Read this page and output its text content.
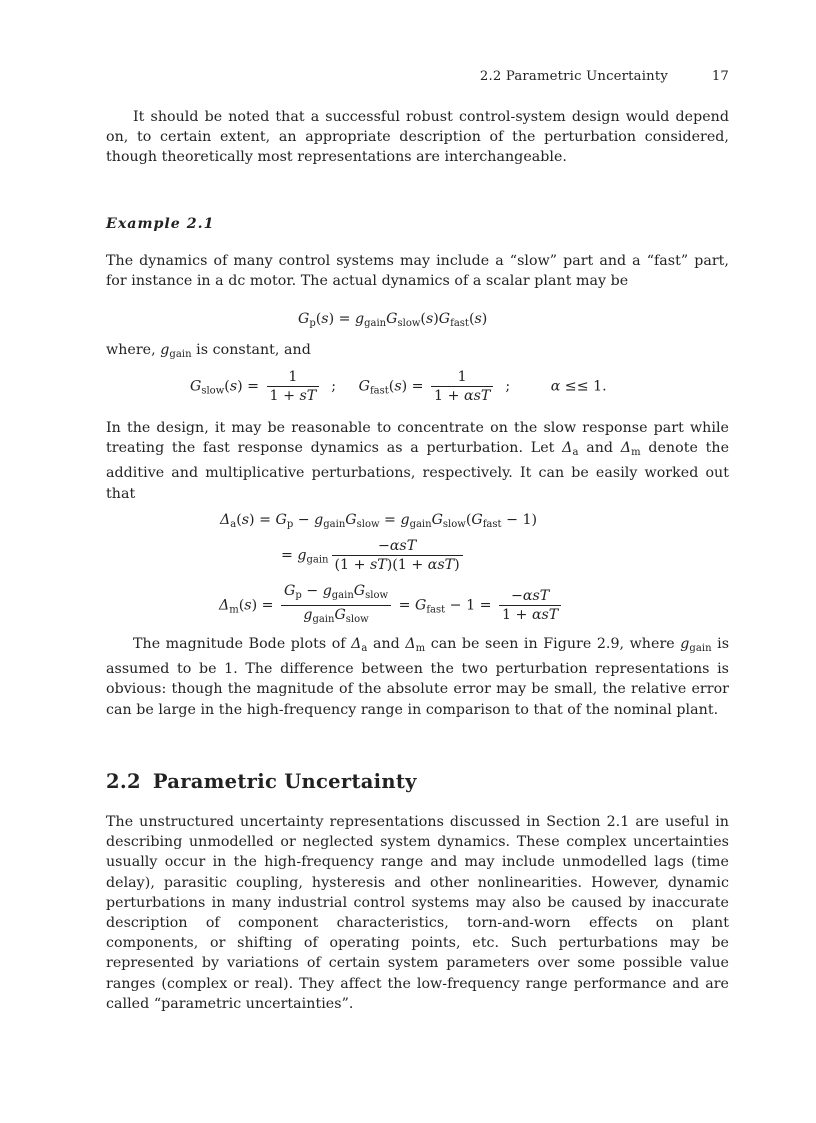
2.2 Parametric Uncertainty	17

It should be noted that a successful robust control-system design would depend on, to certain extent, an appropriate description of the perturbation considered, though theoretically most representations are interchangeable.

Example 2.1

The dynamics of many control systems may include a “slow” part and a “fast” part, for instance in a dc motor. The actual dynamics of a scalar plant may be

$G_p(s) = g_{gain}G_{slow}(s)G_{fast}(s)$
where, $g_{gain}$ is constant, and
$G_{slow}(s) = \frac{1}{1 + sT}$ ;     $G_{fast}(s) = \frac{1}{\text{1 + αsT}}$ ;         α ≤≤ 1.

In the design, it may be reasonable to concentrate on the slow response part while treating the fast response dynamics as a perturbation. Let $\Delta_a$ and $\Delta_m$ denote the additive and multiplicative perturbations, respectively. It can be easily worked out that

$\Delta_a(s) = G_p - g_{gain}G_{slow} = g_{gain}G_{slow}(G_{fast} - 1)$
= $g_{gain} \frac{\text{−αsT}}{\text{(1 + sT)(1 + αsT)}}$
$\Delta_m(s) = \frac{G_p - g_{gain}G_{slow}}{g_{gain}G_{slow}} = G_{fast} - 1 = \frac{\text{−αsT}}{\text{1 + αsT}}$

The magnitude Bode plots of $\Delta_a$ and $\Delta_m$ can be seen in Figure 2.9, where $g_{gain}$ is assumed to be 1. The difference between the two perturbation representations is obvious: though the magnitude of the absolute error may be small, the relative error can be large in the high-frequency range in comparison to that of the nominal plant.

2.2 Parametric Uncertainty

The unstructured uncertainty representations discussed in Section 2.1 are useful in describing unmodelled or neglected system dynamics. These complex uncertainties usually occur in the high-frequency range and may include unmodelled lags (time delay), parasitic coupling, hysteresis and other nonlinearities. However, dynamic perturbations in many industrial control systems may also be caused by inaccurate description of component characteristics, torn-and-worn effects on plant components, or shifting of operating points, etc. Such perturbations may be represented by variations of certain system parameters over some possible value ranges (complex or real). They affect the low-frequency range performance and are called “parametric uncertainties”.
